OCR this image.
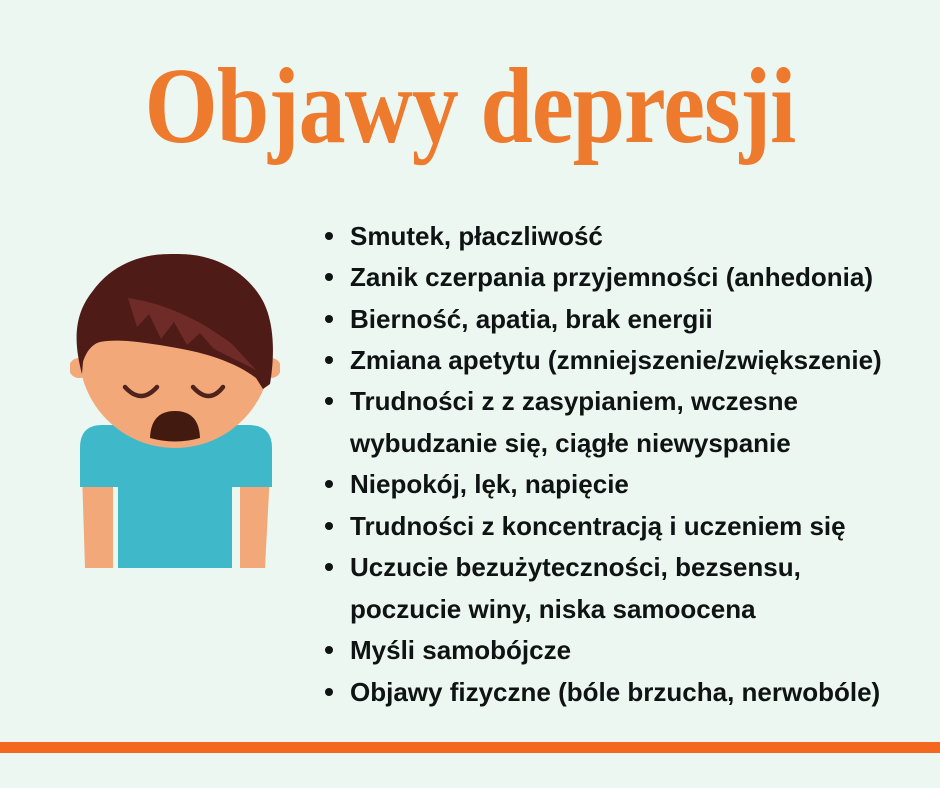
Objawy depresji
Smutek, płaczliwość
Zanik czerpania przyjemności (anhedonia)
Bierność, apatia, brak energii
Zmiana apetytu (zmniejszenie/zwiększenie)
Trudności z z zasypianiem, wczesne
wybudzanie się, ciągłe niewyspanie
Niepokój, lęk, napięcie
Trudności z koncentracją i uczeniem się
Uczucie bezużyteczności, bezsensu,
poczucie winy, niska samoocena
Myśli samobójcze
Objawy fizyczne (bóle brzucha, nerwobóle)
